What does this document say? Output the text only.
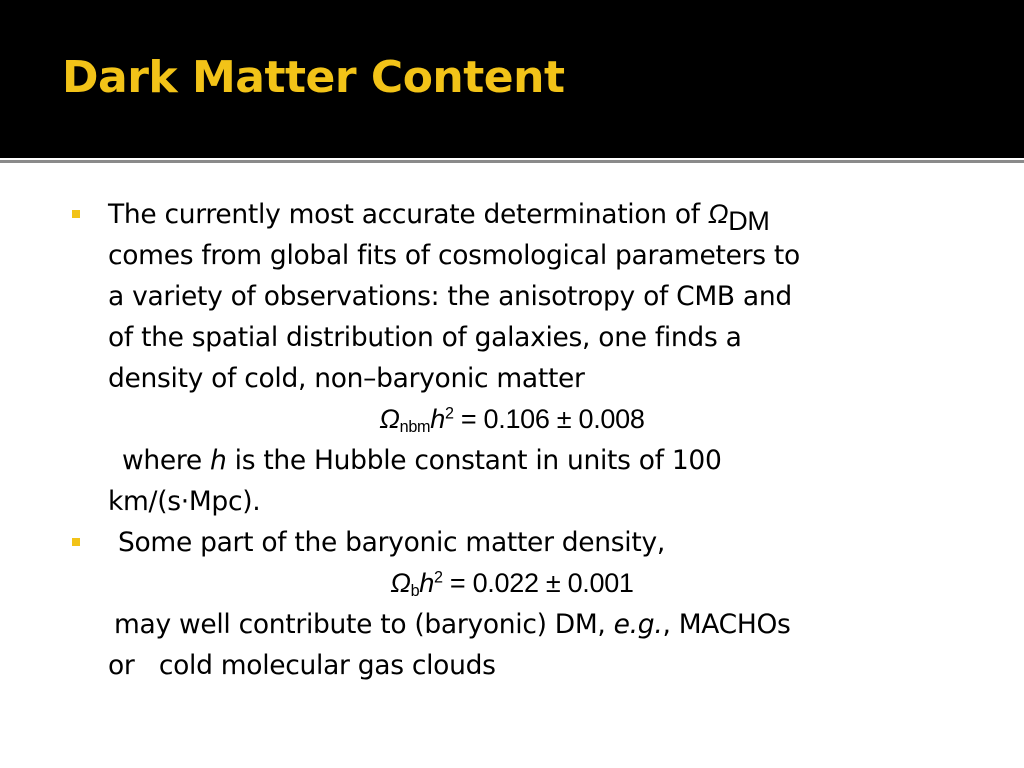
Dark Matter Content
The currently most accurate determination of $\Omega_{DM}$
comes from global fits of cosmological parameters to
a variety of observations: the anisotropy of CMB and
of the spatial distribution of galaxies, one finds a
density of cold, non–baryonic matter
$\Omega_{nbm}h^2 = 0.106 \pm 0.008$
where h is the Hubble constant in units of 100
km/(s·Mpc).
Some part of the baryonic matter density,
$\Omega_bh^2 = 0.022 \pm 0.001$
may well contribute to (baryonic) DM, e.g., MACHOs
or   cold molecular gas clouds
